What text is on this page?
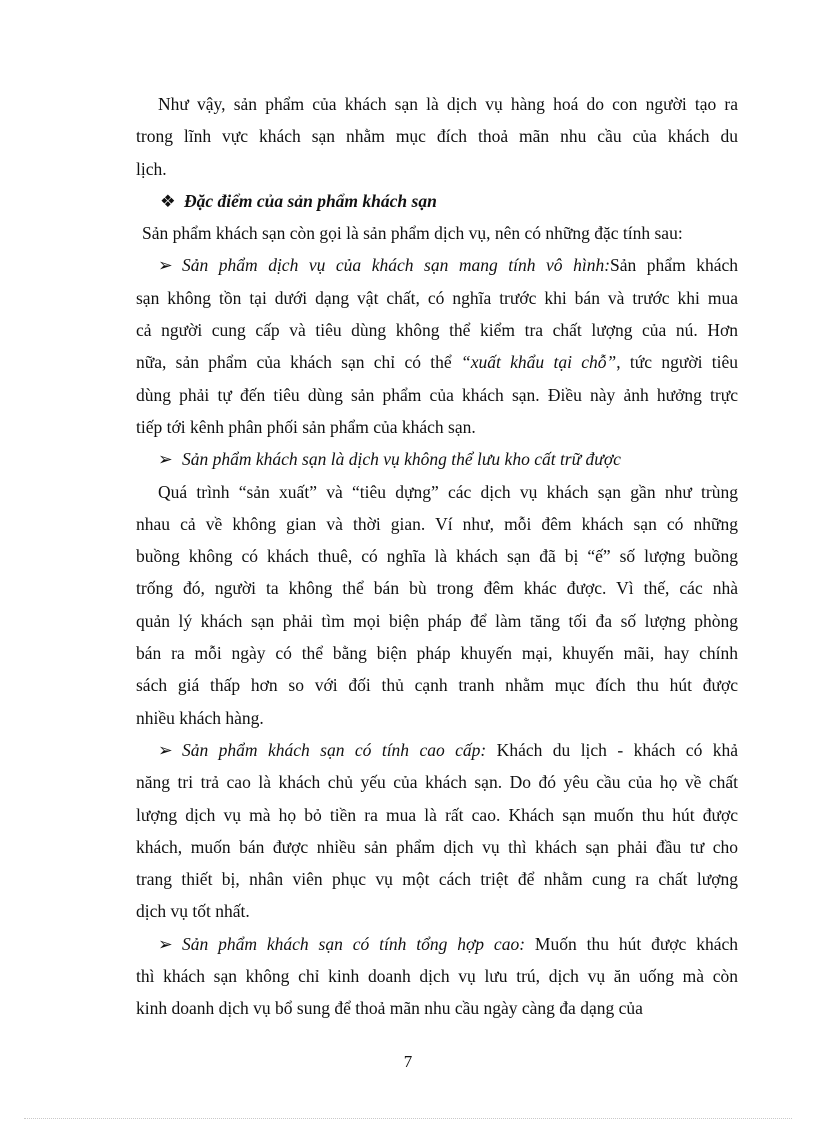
Như vậy, sản phẩm của khách sạn là dịch vụ hàng hoá do con người tạo ra
trong lĩnh vực khách sạn nhằm mục đích thoả mãn nhu cầu của khách du
lịch.
❖ Đặc điểm của sản phẩm khách sạn
Sản phẩm khách sạn còn gọi là sản phẩm dịch vụ, nên có những đặc tính sau:
➢ Sản phẩm dịch vụ của khách sạn mang tính vô hình:Sản phẩm khách
sạn không tồn tại dưới dạng vật chất, có nghĩa trước khi bán và trước khi mua
cả người cung cấp và tiêu dùng không thể kiểm tra chất lượng của nú. Hơn
nữa, sản phẩm của khách sạn chỉ có thể “xuất khẩu tại chỗ”, tức người tiêu
dùng phải tự đến tiêu dùng sản phẩm của khách sạn. Điều này ảnh hưởng trực
tiếp tới kênh phân phối sản phẩm của khách sạn.
➢ Sản phẩm khách sạn là dịch vụ không thể lưu kho cất trữ được
Quá trình “sản xuất” và “tiêu dựng” các dịch vụ khách sạn gần như trùng
nhau cả về không gian và thời gian. Ví như, mỗi đêm khách sạn có những
buồng không có khách thuê, có nghĩa là khách sạn đã bị “ế” số lượng buồng
trống đó, người ta không thể bán bù trong đêm khác được. Vì thế, các nhà
quản lý khách sạn phải tìm mọi biện pháp để làm tăng tối đa số lượng phòng
bán ra mỗi ngày có thể bằng biện pháp khuyến mại, khuyến mãi, hay chính
sách giá thấp hơn so với đối thủ cạnh tranh nhằm mục đích thu hút được
nhiều khách hàng.
➢ Sản phẩm khách sạn có tính cao cấp: Khách du lịch - khách có khả
năng tri trả cao là khách chủ yếu của khách sạn. Do đó yêu cầu của họ về chất
lượng dịch vụ mà họ bỏ tiền ra mua là rất cao. Khách sạn muốn thu hút được
khách, muốn bán được nhiều sản phẩm dịch vụ thì khách sạn phải đầu tư cho
trang thiết bị, nhân viên phục vụ một cách triệt để nhằm cung ra chất lượng
dịch vụ tốt nhất.
➢ Sản phẩm khách sạn có tính tổng hợp cao: Muốn thu hút được khách
thì khách sạn không chỉ kinh doanh dịch vụ lưu trú, dịch vụ ăn uống mà còn
kinh doanh dịch vụ bổ sung để thoả mãn nhu cầu ngày càng đa dạng của
7
